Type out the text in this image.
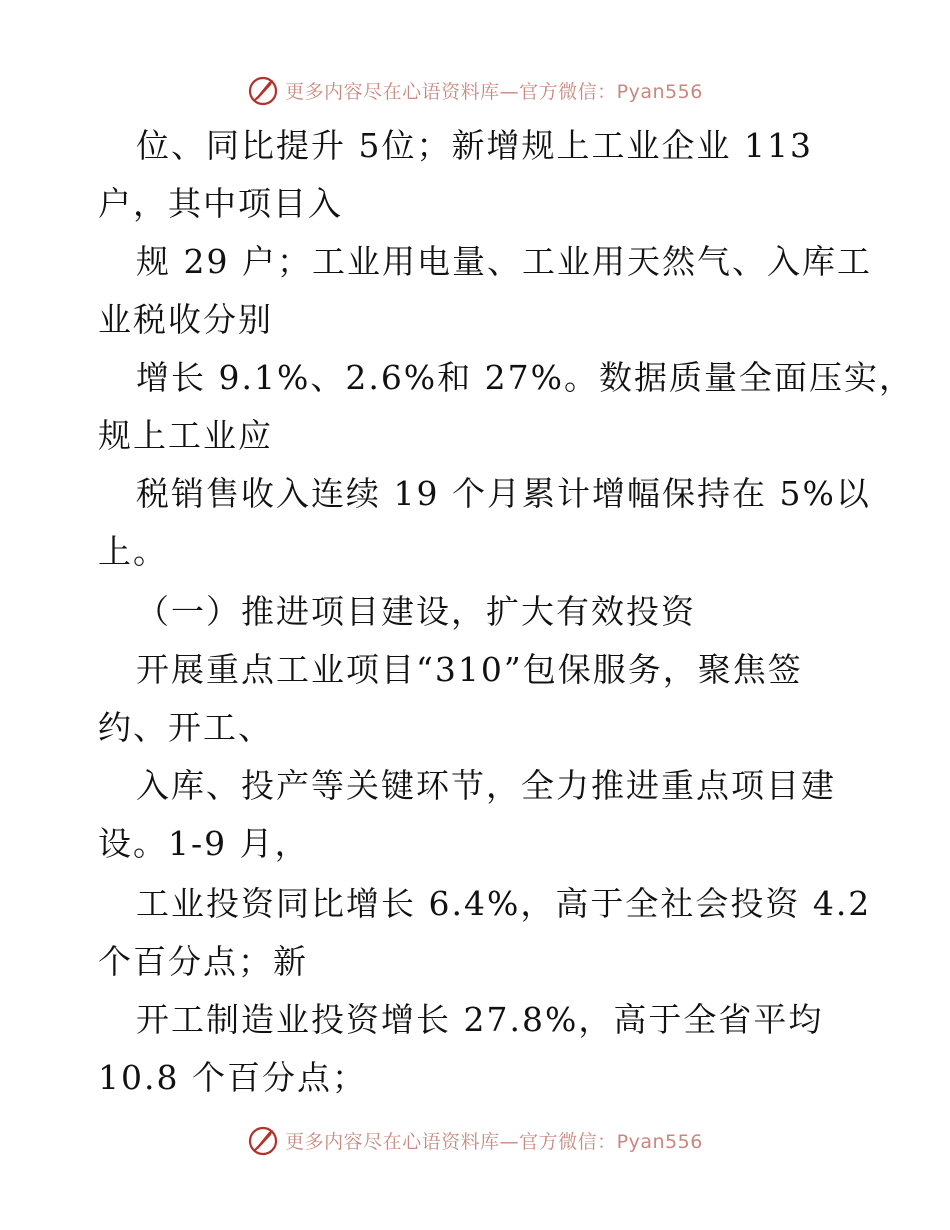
更多内容尽在心语资料库—官方微信：Pyan556
位、同比提升 5位；新增规上工业企业 113
户，其中项目入
规 29 户；工业用电量、工业用天然气、入库工
业税收分别
增长 9.1%、2.6%和 27%。数据质量全面压实，
规上工业应
税销售收入连续 19 个月累计增幅保持在 5%以
上。
（一）推进项目建设，扩大有效投资
开展重点工业项目“310”包保服务，聚焦签
约、开工、
入库、投产等关键环节，全力推进重点项目建
设。1-9 月，
工业投资同比增长 6.4%，高于全社会投资 4.2
个百分点；新
开工制造业投资增长 27.8%，高于全省平均
10.8 个百分点；
更多内容尽在心语资料库—官方微信：Pyan556
